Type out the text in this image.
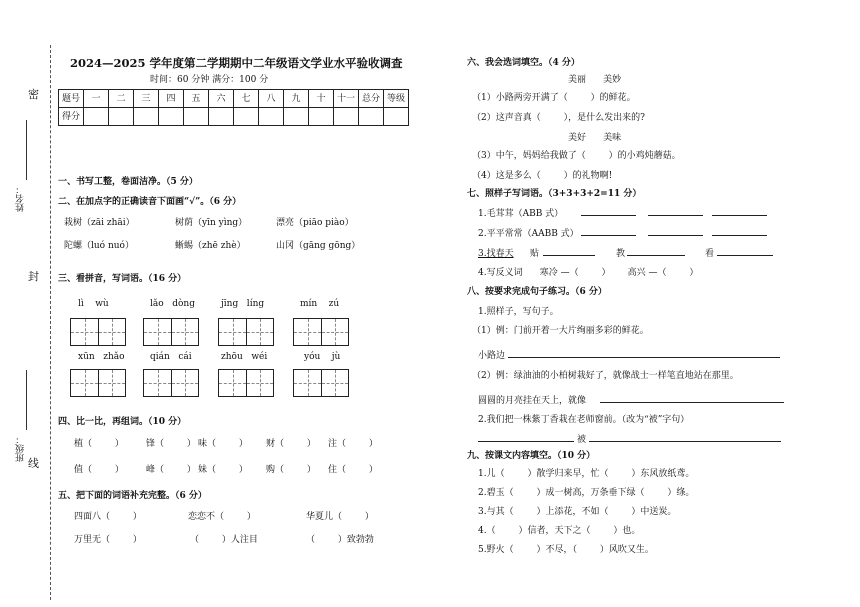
密
封
线
姓名：
班级：
2024—2025 学年度第二学期期中二年级语文学业水平验收调查
时间：60 分钟 满分：100 分
题号	一	二	三	四	五	六	七	八	九	十	十一	总分	等级
得分													
一、书写工整，卷面洁净。（5 分）
二、在加点字的正确读音下面画“√”。（6 分）
栽树（zāi zhāi）	树荫（yīn yìng）	漂亮（piāo piào）
陀螺（luó nuó）	蜥蜴（zhē zhè）	山冈（gāng gōng）
三、看拼音，写词语。（16 分）
lì    wù	lǎo   dòng	jīng   líng	mín    zú
xūn   zhǎo	qián   cái	zhōu   wéi	yóu    jù
四、比一比，再组词。（10 分）
植（        ） 锋（        ） 味（        ） 财（        ） 注（        ）
值（        ） 峰（        ） 妹（        ） 购（        ） 住（        ）
五、把下面的词语补充完整。（6 分）
四面八（        ）	恋恋不（        ）	华夏儿（        ）
万里无（        ）	（        ）人注目	（        ）致勃勃
六、我会选词填空。（4 分）
美丽      美妙
（1）小路两旁开满了（        ）的鲜花。
（2）这声音真（        ），是什么发出来的?
美好      美味
（3）中午，妈妈给我做了（        ）的小鸡炖蘑菇。
（4）这是多么（        ）的礼物啊!
七、照样子写词语。（3+3+3+2=11 分）
1.毛茸茸（ABB 式）
2.平平常常（AABB 式）
3.找春天 贴	教	看
4.写反义词      寒冷 —（        ）      高兴 —（        ）
八、按要求完成句子练习。（6 分）
1.照样子，写句子。
（1）例：门前开着一大片绚丽多彩的鲜花。
小路边
（2）例：绿油油的小柏树栽好了，就像战士一样笔直地站在那里。
圆圆的月亮挂在天上，就像
2.我们把一株紫丁香栽在老师窗前。（改为“被”字句）
被
九、按课文内容填空。（10 分）
1.儿（        ）散学归来早，忙（        ）东风放纸鸢。
2.碧玉（        ）成一树高，万条垂下绿（        ）绦。
3.与其（        ）上添花，不如（        ）中送炭。
4.（        ）信者，天下之（        ）也。
5.野火（        ）不尽，（        ）风吹又生。
